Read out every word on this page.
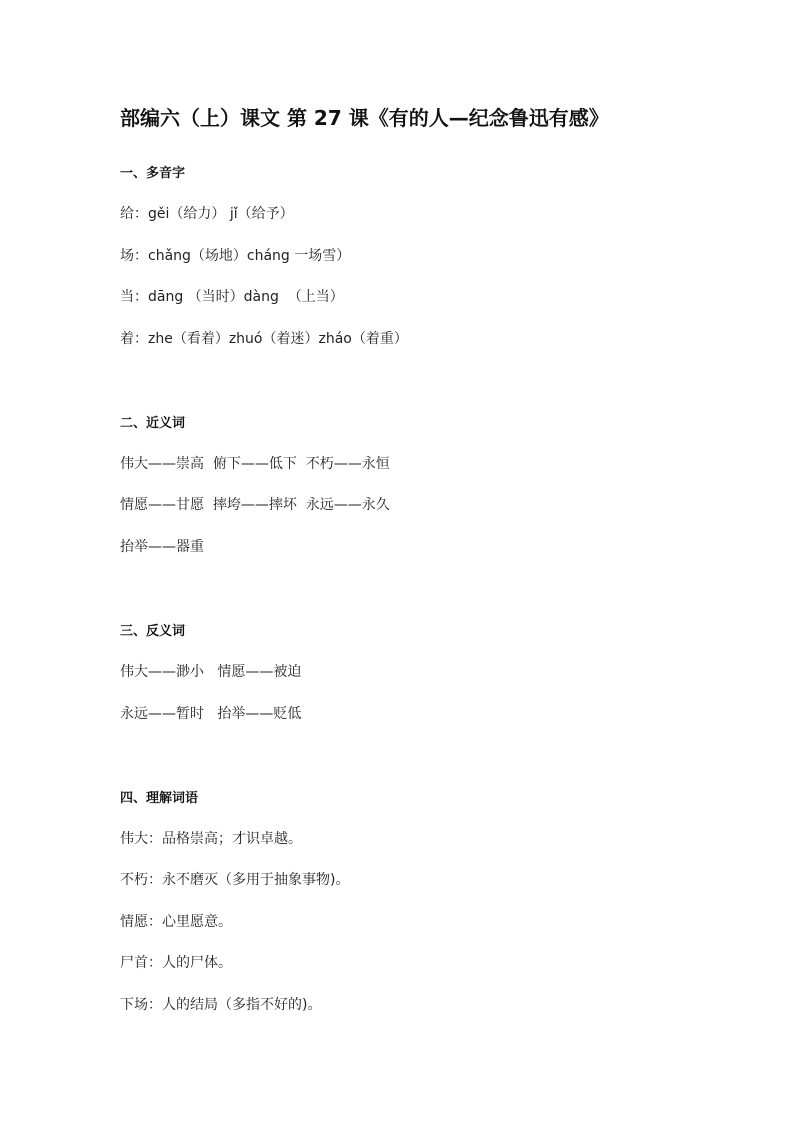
部编六（上）课文 第 27 课《有的人—纪念鲁迅有感》
一、多音字
给：gěi（给力） jǐ（给予）
场：chǎng（场地）cháng 一场雪）
当：dāng （当时）dàng  （上当）
着：zhe（看着）zhuó（着迷）zháo（着重）
二、近义词
伟大——崇高  俯下——低下  不朽——永恒
情愿——甘愿  摔垮——摔坏  永远——永久
抬举——器重
三、反义词
伟大——渺小   情愿——被迫
永远——暂时   抬举——贬低
四、理解词语
伟大：品格崇高；才识卓越。
不朽：永不磨灭（多用于抽象事物)。
情愿：心里愿意。
尸首：人的尸体。
下场：人的结局（多指不好的)。
